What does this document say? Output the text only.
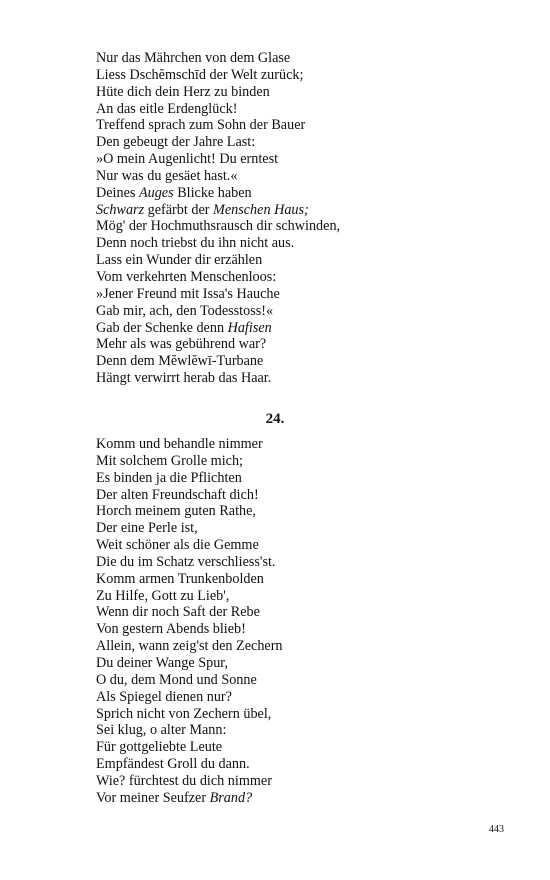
Nur das Mährchen von dem Glase
Liess Dschĕmschīd der Welt zurück;
Hüte dich dein Herz zu binden
An das eitle Erdenglück!
Treffend sprach zum Sohn der Bauer
Den gebeugt der Jahre Last:
»O mein Augenlicht! Du erntest
Nur was du gesäet hast.«
Deines Auges Blicke haben
Schwarz gefärbt der Menschen Haus;
Mög' der Hochmuthsrausch dir schwinden,
Denn noch triebst du ihn nicht aus.
Lass ein Wunder dir erzählen
Vom verkehrten Menschenloos:
»Jener Freund mit Issa's Hauche
Gab mir, ach, den Todesstoss!«
Gab der Schenke denn Hafisen
Mehr als was gebührend war?
Denn dem Mĕwlĕwī-Turbane
Hängt verwirrt herab das Haar.
24.
Komm und behandle nimmer
Mit solchem Grolle mich;
Es binden ja die Pflichten
Der alten Freundschaft dich!
Horch meinem guten Rathe,
Der eine Perle ist,
Weit schöner als die Gemme
Die du im Schatz verschliess'st.
Komm armen Trunkenbolden
Zu Hilfe, Gott zu Lieb',
Wenn dir noch Saft der Rebe
Von gestern Abends blieb!
Allein, wann zeig'st den Zechern
Du deiner Wange Spur,
O du, dem Mond und Sonne
Als Spiegel dienen nur?
Sprich nicht von Zechern übel,
Sei klug, o alter Mann:
Für gottgeliebte Leute
Empfändest Groll du dann.
Wie? fürchtest du dich nimmer
Vor meiner Seufzer Brand?
443
